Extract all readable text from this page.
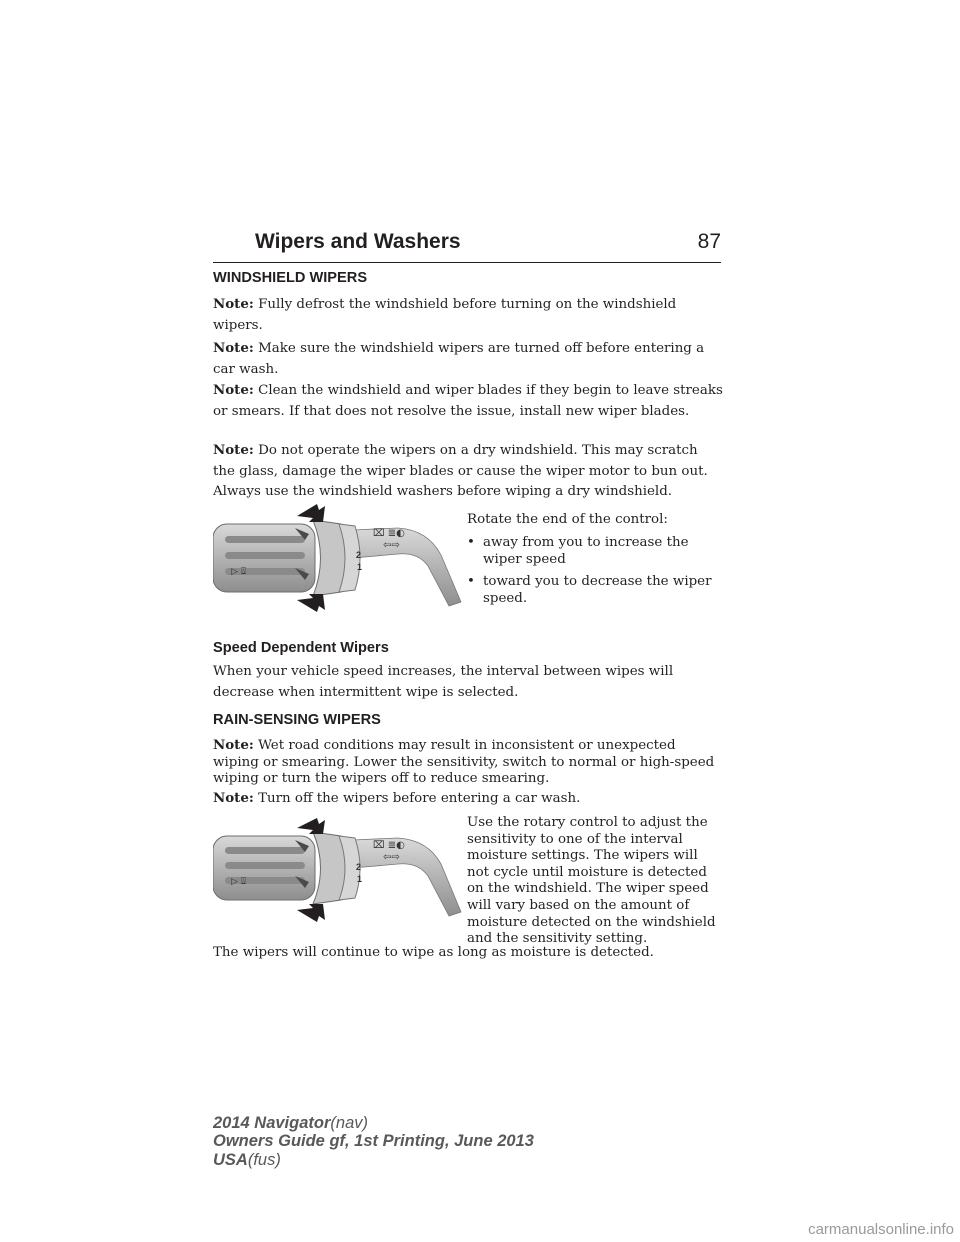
Wipers and Washers	87
WINDSHIELD WIPERS
Note: Fully defrost the windshield before turning on the windshield wipers.
Note: Make sure the windshield wipers are turned off before entering a car wash.
Note: Clean the windshield and wiper blades if they begin to leave streaks or smears. If that does not resolve the issue, install new wiper blades.
Note: Do not operate the wipers on a dry windshield. This may scratch the glass, damage the wiper blades or cause the wiper motor to bun out. Always use the windshield washers before wiping a dry windshield.
⌧ ≣◐
⇦⇨
2
1
▷ ⍍
Rotate the end of the control:
• away from you to increase the wiper speed
• toward you to decrease the wiper speed.
Speed Dependent Wipers
When your vehicle speed increases, the interval between wipes will decrease when intermittent wipe is selected.
RAIN-SENSING WIPERS
Note: Wet road conditions may result in inconsistent or unexpected wiping or smearing. Lower the sensitivity, switch to normal or high-speed wiping or turn the wipers off to reduce smearing.
Note: Turn off the wipers before entering a car wash.
⌧ ≣◐
⇦⇨
2
1
▷ ⍍
Use the rotary control to adjust the sensitivity to one of the interval moisture settings. The wipers will not cycle until moisture is detected on the windshield. The wiper speed will vary based on the amount of moisture detected on the windshield and the sensitivity setting.
The wipers will continue to wipe as long as moisture is detected.
2014 Navigator(nav)
Owners Guide gf, 1st Printing, June 2013
USA(fus)
carmanualsonline.info
